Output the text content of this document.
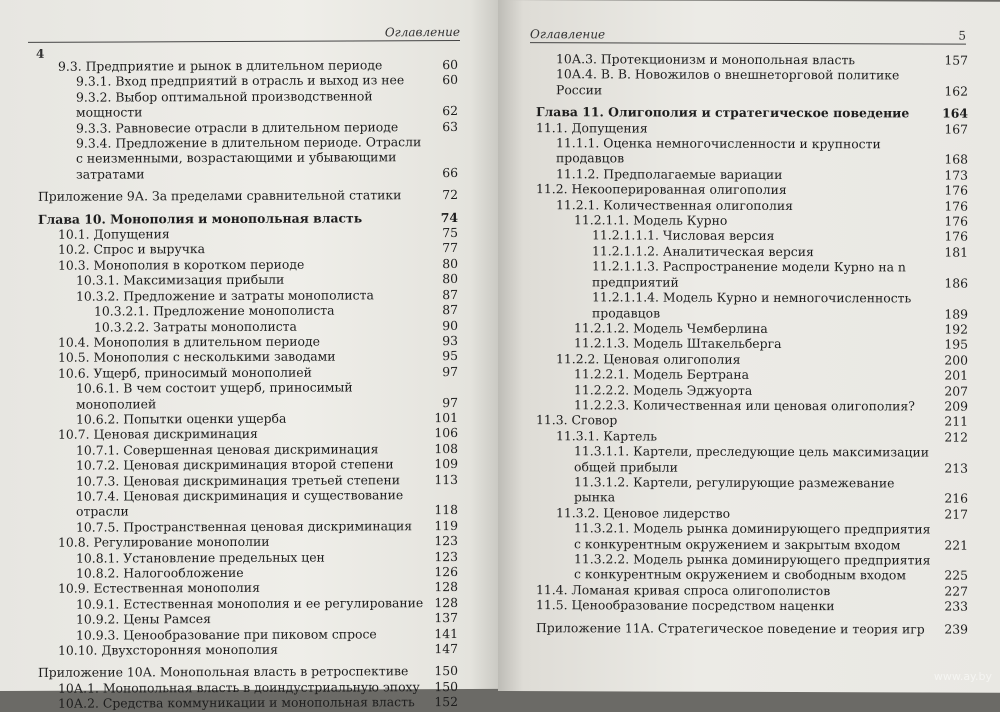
4
Оглавление
9.3. Предприятие и рынок в длительном периоде	60
9.3.1. Вход предприятий в отрасль и выход из нее	60
9.3.2. Выбор оптимальной производственной мощности	62
9.3.3. Равновесие отрасли в длительном периоде	63
9.3.4. Предложение в длительном периоде. Отрасли с неизменными, возрастающими и убывающими затратами	66
Приложение 9А. За пределами сравнительной статики	72
Глава 10. Монополия и монопольная власть	74
10.1. Допущения	75
10.2. Спрос и выручка	77
10.3. Монополия в коротком периоде	80
10.3.1. Максимизация прибыли	80
10.3.2. Предложение и затраты монополиста	87
10.3.2.1. Предложение монополиста	87
10.3.2.2. Затраты монополиста	90
10.4. Монополия в длительном периоде	93
10.5. Монополия с несколькими заводами	95
10.6. Ущерб, приносимый монополией	97
10.6.1. В чем состоит ущерб, приносимый монополией	97
10.6.2. Попытки оценки ущерба	101
10.7. Ценовая дискриминация	106
10.7.1. Совершенная ценовая дискриминация	108
10.7.2. Ценовая дискриминация второй степени	109
10.7.3. Ценовая дискриминация третьей степени	113
10.7.4. Ценовая дискриминация и существование отрасли	118
10.7.5. Пространственная ценовая дискриминация	119
10.8. Регулирование монополии	123
10.8.1. Установление предельных цен	123
10.8.2. Налогообложение	126
10.9. Естественная монополия	128
10.9.1. Естественная монополия и ее регулирование 128
10.9.2. Цены Рамсея	137
10.9.3. Ценообразование при пиковом спросе	141
10.10. Двухсторонняя монополия	147
Приложение 10А. Монопольная власть в ретроспективе	150
10А.1. Монопольная власть в доиндустриальную эпоху	150
10А.2. Средства коммуникации и монопольная власть	152
Оглавление	5
10А.3. Протекционизм и монопольная власть	157
10А.4. В. В. Новожилов о внешнеторговой политике России	162
Глава 11. Олигополия и стратегическое поведение	164
11.1. Допущения	167
11.1.1. Оценка немногочисленности и крупности продавцов	168
11.1.2. Предполагаемые вариации	173
11.2. Некооперированная олигополия	176
11.2.1. Количественная олигополия	176
11.2.1.1. Модель Курно	176
11.2.1.1.1. Числовая версия	176
11.2.1.1.2. Аналитическая версия	181
11.2.1.1.3. Распространение модели Курно на n предприятий	186
11.2.1.1.4. Модель Курно и немногочисленность продавцов	189
11.2.1.2. Модель Чемберлина	192
11.2.1.3. Модель Штакельберга	195
11.2.2. Ценовая олигополия	200
11.2.2.1. Модель Бертрана	201
11.2.2.2. Модель Эджуорта	207
11.2.2.3. Количественная или ценовая олигополия?	209
11.3. Сговор	211
11.3.1. Картель	212
11.3.1.1. Картели, преследующие цель максимизации общей прибыли	213
11.3.1.2. Картели, регулирующие размежевание рынка	216
11.3.2. Ценовое лидерство	217
11.3.2.1. Модель рынка доминирующего предприятия с конкурентным окружением и закрытым входом	221
11.3.2.2. Модель рынка доминирующего предприятия с конкурентным окружением и свободным входом	225
11.4. Ломаная кривая спроса олигополистов	227
11.5. Ценообразование посредством наценки	233
Приложение 11А. Стратегическое поведение и теория игр	239
www.ay.by
